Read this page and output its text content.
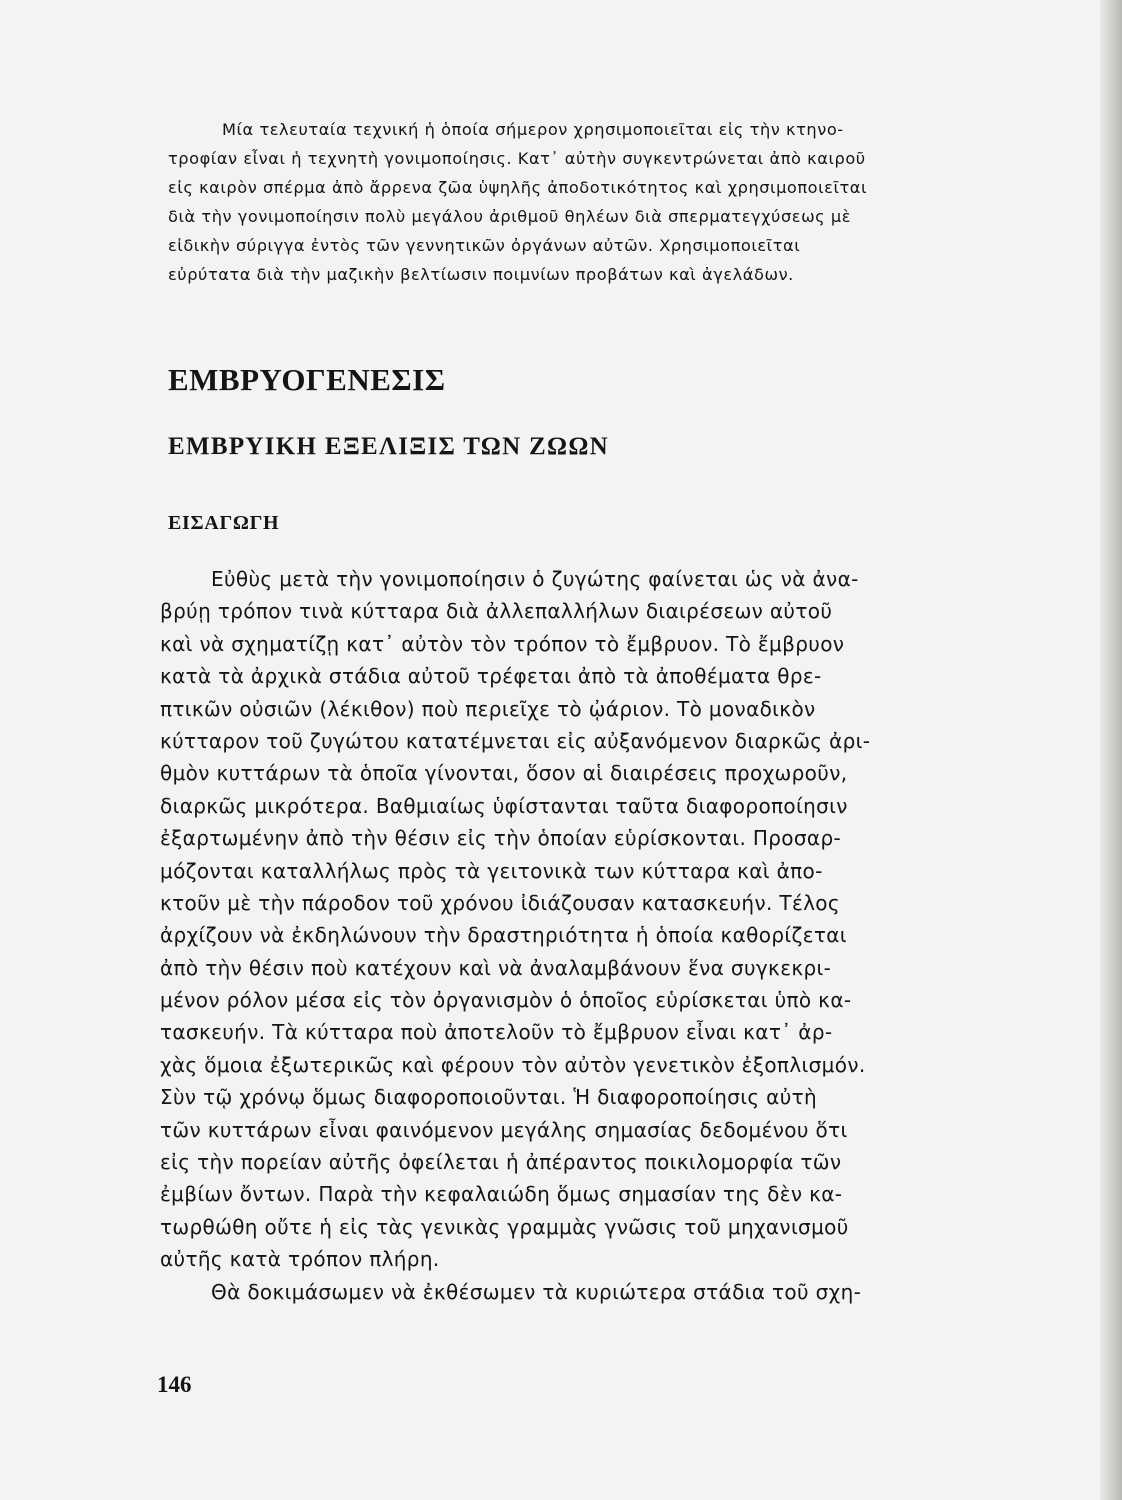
Μία τελευταία τεχνική ἡ ὁποία σήμερον χρησιμοποιεῖται εἰς τὴν κτηνο-
τροφίαν εἶναι ἡ τεχνητὴ γονιμοποίησις. Κατ᾽ αὐτὴν συγκεντρώνεται ἀπὸ καιροῦ
εἰς καιρὸν σπέρμα ἀπὸ ἄρρενα ζῶα ὑψηλῆς ἀποδοτικότητος καὶ χρησιμοποιεῖται
διὰ τὴν γονιμοποίησιν πολὺ μεγάλου ἀριθμοῦ θηλέων διὰ σπερματεγχύσεως μὲ
εἰδικὴν σύριγγα ἐντὸς τῶν γεννητικῶν ὀργάνων αὐτῶν. Χρησιμοποιεῖται
εὐρύτατα διὰ τὴν μαζικὴν βελτίωσιν ποιμνίων προβάτων καὶ ἀγελάδων.
ΕΜΒΡΥΟΓΕΝΕΣΙΣ
ΕΜΒΡΥΙΚΗ ΕΞΕΛΙΞΙΣ ΤΩΝ ΖΩΩΝ
ΕΙΣΑΓΩΓΗ
Εὐθὺς μετὰ τὴν γονιμοποίησιν ὁ ζυγώτης φαίνεται ὡς νὰ ἀνα-
βρύῃ τρόπον τινὰ κύτταρα διὰ ἀλλεπαλλήλων διαιρέσεων αὐτοῦ
καὶ νὰ σχηματίζῃ κατ᾽ αὐτὸν τὸν τρόπον τὸ ἔμβρυον. Τὸ ἔμβρυον
κατὰ τὰ ἀρχικὰ στάδια αὐτοῦ τρέφεται ἀπὸ τὰ ἀποθέματα θρε-
πτικῶν οὐσιῶν (λέκιθον) ποὺ περιεῖχε τὸ ᾠάριον. Τὸ μοναδικὸν
κύτταρον τοῦ ζυγώτου κατατέμνεται εἰς αὐξανόμενον διαρκῶς ἀρι-
θμὸν κυττάρων τὰ ὁποῖα γίνονται, ὅσον αἱ διαιρέσεις προχωροῦν,
διαρκῶς μικρότερα. Βαθμιαίως ὑφίστανται ταῦτα διαφοροποίησιν
ἐξαρτωμένην ἀπὸ τὴν θέσιν εἰς τὴν ὁποίαν εὑρίσκονται. Προσαρ-
μόζονται καταλλήλως πρὸς τὰ γειτονικὰ των κύτταρα καὶ ἀπο-
κτοῦν μὲ τὴν πάροδον τοῦ χρόνου ἰδιάζουσαν κατασκευήν. Τέλος
ἀρχίζουν νὰ ἐκδηλώνουν τὴν δραστηριότητα ἡ ὁποία καθορίζεται
ἀπὸ τὴν θέσιν ποὺ κατέχουν καὶ νὰ ἀναλαμβάνουν ἕνα συγκεκρι-
μένον ρόλον μέσα εἰς τὸν ὀργανισμὸν ὁ ὁποῖος εὑρίσκεται ὑπὸ κα-
τασκευήν. Τὰ κύτταρα ποὺ ἀποτελοῦν τὸ ἔμβρυον εἶναι κατ᾽ ἀρ-
χὰς ὅμοια ἐξωτερικῶς καὶ φέρουν τὸν αὐτὸν γενετικὸν ἐξοπλισμόν.
Σὺν τῷ χρόνῳ ὅμως διαφοροποιοῦνται. Ἡ διαφοροποίησις αὐτὴ
τῶν κυττάρων εἶναι φαινόμενον μεγάλης σημασίας δεδομένου ὅτι
εἰς τὴν πορείαν αὐτῆς ὀφείλεται ἡ ἀπέραντος ποικιλομορφία τῶν
ἐμβίων ὄντων. Παρὰ τὴν κεφαλαιώδη ὅμως σημασίαν της δὲν κα-
τωρθώθη οὔτε ἡ εἰς τὰς γενικὰς γραμμὰς γνῶσις τοῦ μηχανισμοῦ
αὐτῆς κατὰ τρόπον πλήρη.
Θὰ δοκιμάσωμεν νὰ ἐκθέσωμεν τὰ κυριώτερα στάδια τοῦ σχη-
146
